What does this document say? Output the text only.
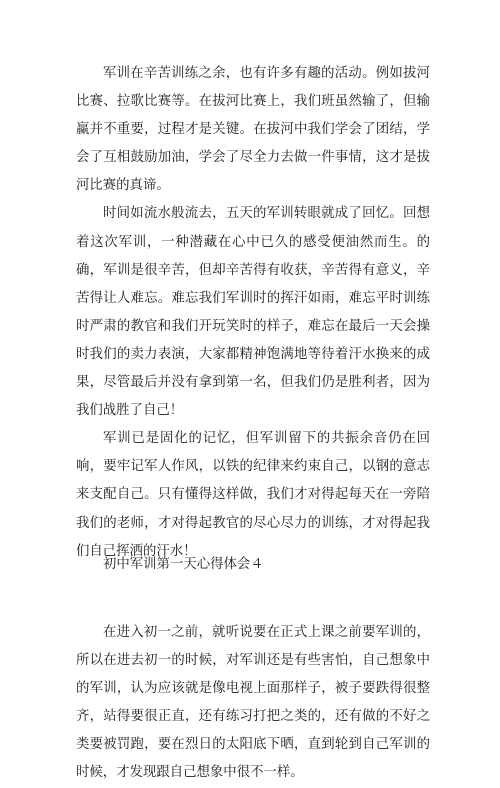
军训在辛苦训练之余，也有许多有趣的活动。例如拔河比赛、拉歌比赛等。在拔河比赛上，我们班虽然输了，但输赢并不重要，过程才是关键。在拔河中我们学会了团结，学会了互相鼓励加油，学会了尽全力去做一件事情，这才是拔河比赛的真谛。

时间如流水般流去，五天的军训转眼就成了回忆。回想着这次军训，一种潜藏在心中已久的感受便油然而生。的确，军训是很辛苦，但却辛苦得有收获，辛苦得有意义，辛苦得让人难忘。难忘我们军训时的挥汗如雨，难忘平时训练时严肃的教官和我们开玩笑时的样子，难忘在最后一天会操时我们的卖力表演，大家都精神饱满地等待着汗水换来的成果，尽管最后并没有拿到第一名，但我们仍是胜利者，因为我们战胜了自己！

军训已是固化的记忆，但军训留下的共振余音仍在回响，要牢记军人作风，以铁的纪律来约束自己，以钢的意志来支配自己。只有懂得这样做，我们才对得起每天在一旁陪我们的老师，才对得起教官的尽心尽力的训练，才对得起我们自己挥洒的汗水！

初中军训第一天心得体会４

在进入初一之前，就听说要在正式上课之前要军训的，所以在进去初一的时候，对军训还是有些害怕，自己想象中的军训，认为应该就是像电视上面那样子，被子要跌得很整齐，站得要很正直，还有练习打把之类的，还有做的不好之类要被罚跑，要在烈日的太阳底下晒，直到轮到自己军训的时候，才发现跟自己想象中很不一样。
